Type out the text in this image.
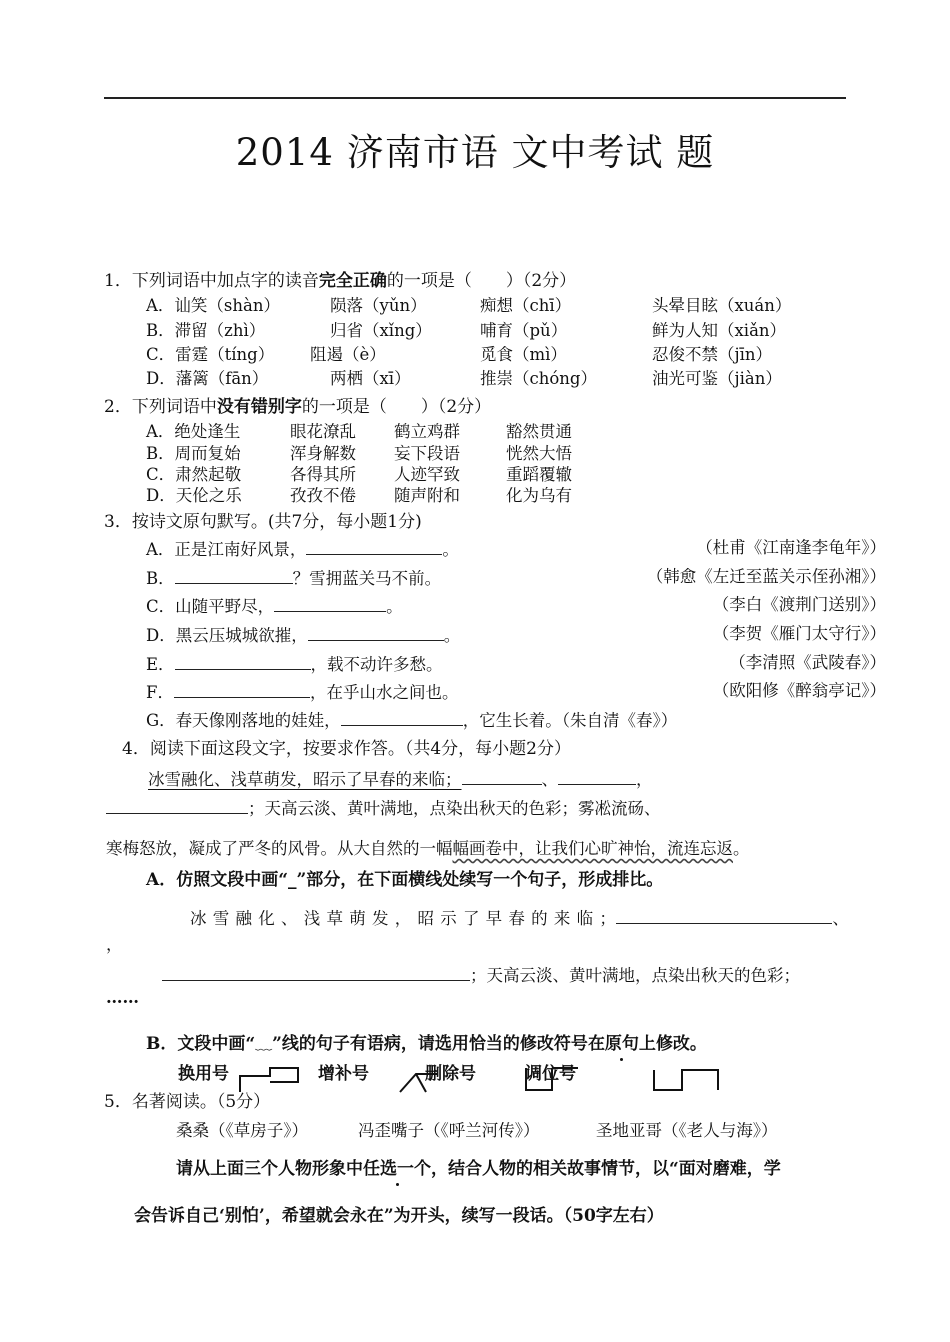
2014 济南市语 文中考试 题
1．下列词语中加点字的读音完全正确的一项是（　　）（2分）
A．讪笑（shàn）	陨落（yǔn）	痴想（chī）	头晕目眩（xuán）
B．滞留（zhì）	归省（xǐng）	哺育（pǔ）	鲜为人知（xiǎn）
C．雷霆（tíng） 阻遏（è）	觅食（mì）	忍俊不禁（jīn）
D．藩篱（fān）	两栖（xī）	推崇（chóng）	油光可鉴（jiàn）
2．下列词语中没有错别字的一项是（　　）（2分）
A．绝处逢生	眼花潦乱 鹤立鸡群	豁然贯通
B．周而复始	浑身解数 妄下段语	恍然大悟
C．肃然起敬	各得其所 人迹罕致	重蹈覆辙
D．天伦之乐	孜孜不倦 随声附和	化为乌有
3．按诗文原句默写。(共7分，每小题1分)
A．正是江南好风景，	。	（杜甫《江南逢李龟年》）
B．	？雪拥蓝关马不前。	（韩愈《左迁至蓝关示侄孙湘》）
C．山随平野尽，	。	（李白《渡荆门送别》）
D．黑云压城城欲摧，	。	（李贺《雁门太守行》）
E．	，载不动许多愁。	（李清照《武陵春》）
F．	，在乎山水之间也。	（欧阳修《醉翁亭记》）
G．春天像刚落地的娃娃，	，它生长着。（朱自清《春》）
4．阅读下面这段文字，按要求作答。（共4分，每小题2分）
冰雪融化、浅草萌发，昭示了早春的来临；	、	，
；天高云淡、黄叶满地，点染出秋天的色彩；雾凇流砀、
寒梅怒放，凝成了严冬的风骨。从大自然的一幅幅画卷中，让我们心旷神怡，流连忘返。
A．仿照文段中画“_”部分，在下面横线处续写一个句子，形成排比。
冰 雪 融 化 、 浅 草 萌 发 ， 昭 示 了 早 春 的 来 临 ；	、
，
；天高云淡、黄叶满地，点染出秋天的色彩；
……
B．文段中画“﹏”线的句子有语病，请选用恰当的修改符号在原句上修改。
换用号	增补号	删除号	调位号
5．名著阅读。（5分）
桑桑（《草房子》）	冯歪嘴子（《呼兰河传》）	圣地亚哥（《老人与海》）
请从上面三个人物形象中任选一个，结合人物的相关故事情节，以“面对磨难，学
会告诉自己‘别怕’，希望就会永在”为开头，续写一段话。（50字左右）
